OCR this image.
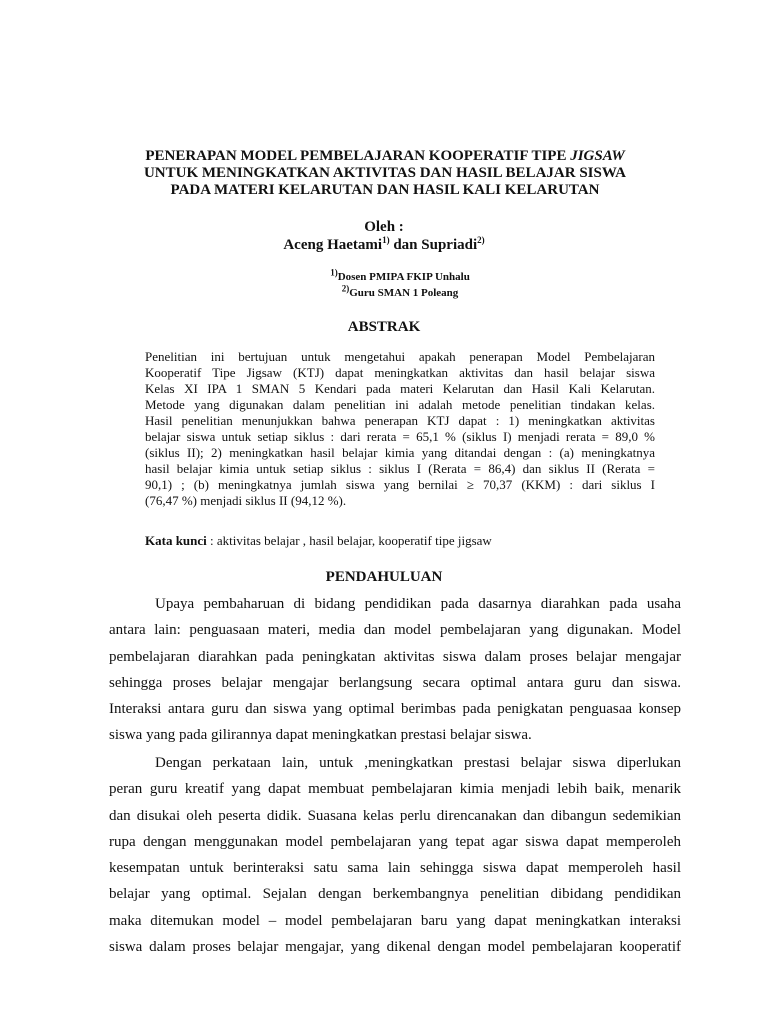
PENERAPAN MODEL PEMBELAJARAN KOOPERATIF TIPE JIGSAW
UNTUK MENINGKATKAN AKTIVITAS DAN HASIL BELAJAR SISWA
PADA MATERI KELARUTAN DAN HASIL KALI KELARUTAN
Oleh :
Aceng Haetami$^{1)}$ dan Supriadi$^{2)}$
$^{1)}$Dosen PMIPA FKIP Unhalu
$^{2)}$Guru SMAN 1 Poleang
ABSTRAK
Penelitian ini bertujuan untuk mengetahui apakah penerapan Model Pembelajaran
Kooperatif Tipe Jigsaw (KTJ) dapat meningkatkan aktivitas dan hasil belajar siswa
Kelas XI IPA 1 SMAN 5 Kendari pada materi Kelarutan dan Hasil Kali Kelarutan.
Metode yang digunakan dalam penelitian ini adalah metode penelitian tindakan kelas.
Hasil penelitian menunjukkan bahwa penerapan KTJ dapat : 1) meningkatkan aktivitas
belajar siswa untuk setiap siklus : dari rerata = 65,1 % (siklus I) menjadi rerata = 89,0 %
(siklus II); 2) meningkatkan hasil belajar kimia yang ditandai dengan : (a) meningkatnya
hasil belajar kimia untuk setiap siklus : siklus I (Rerata = 86,4) dan siklus II (Rerata =
90,1) ; (b) meningkatnya jumlah siswa yang bernilai ≥ 70,37 (KKM) : dari siklus I
(76,47 %) menjadi siklus II (94,12 %).
Kata kunci : aktivitas belajar , hasil belajar, kooperatif tipe jigsaw
PENDAHULUAN
Upaya pembaharuan di bidang pendidikan pada dasarnya diarahkan pada usaha
antara lain: penguasaan materi, media dan model pembelajaran yang digunakan. Model
pembelajaran diarahkan pada peningkatan aktivitas siswa dalam proses belajar mengajar
sehingga proses belajar mengajar berlangsung secara optimal antara guru dan siswa.
Interaksi antara guru dan siswa yang optimal berimbas pada penigkatan penguasaa konsep
siswa yang pada gilirannya dapat meningkatkan prestasi belajar siswa.
Dengan perkataan lain, untuk ,meningkatkan prestasi belajar siswa diperlukan
peran guru kreatif yang dapat membuat pembelajaran kimia menjadi lebih baik, menarik
dan disukai oleh peserta didik. Suasana kelas perlu direncanakan dan dibangun sedemikian
rupa dengan menggunakan model pembelajaran yang tepat agar siswa dapat memperoleh
kesempatan untuk berinteraksi satu sama lain sehingga siswa dapat memperoleh hasil
belajar yang optimal. Sejalan dengan berkembangnya penelitian dibidang pendidikan
maka ditemukan model – model pembelajaran baru yang dapat meningkatkan interaksi
siswa dalam proses belajar mengajar, yang dikenal dengan model pembelajaran kooperatif
